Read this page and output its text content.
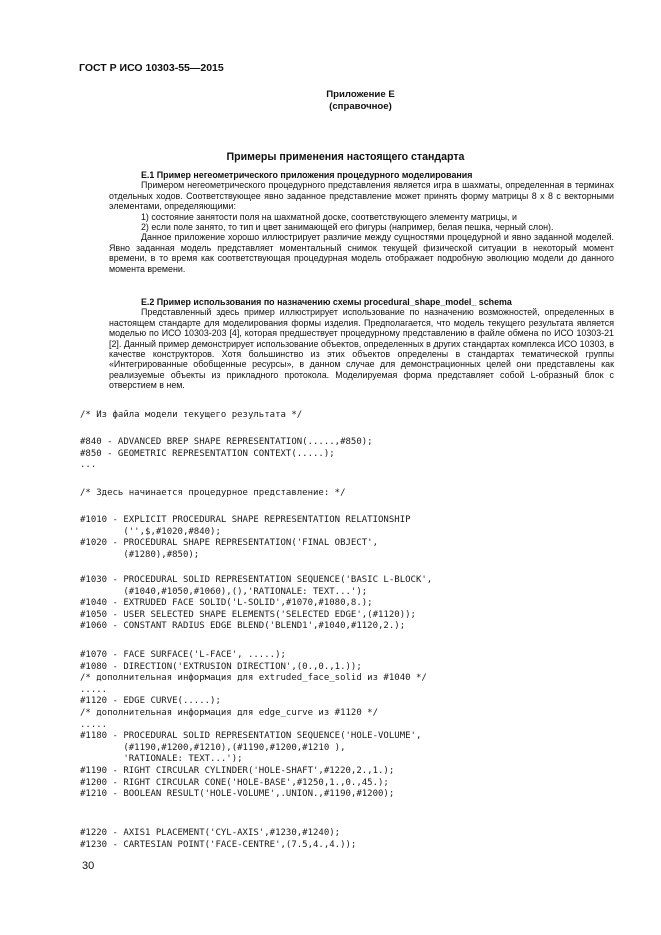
ГОСТ Р ИСО 10303-55—2015
Приложение Е
(справочное)
Примеры применения настоящего стандарта

Е.1 Пример негеометрического приложения процедурного моделирования

Примером негеометрического процедурного представления является игра в шахматы, определенная в терминах отдельных ходов. Соответствующее явно заданное представление может принять форму матрицы 8 х 8 с векторными элементами, определяющими:

1) состояние занятости поля на шахматной доске, соответствующего элементу матрицы, и

2) если поле занято, то тип и цвет занимающей его фигуры (например, белая пешка, черный слон).

Данное приложение хорошо иллюстрирует различие между сущностями процедурной и явно заданной моделей. Явно заданная модель представляет моментальный снимок текущей физической ситуации в некоторый момент времени, в то время как соответствующая процедурная модель отображает подробную эволюцию модели до данного момента времени.

Е.2 Пример использования по назначению схемы procedural_shape_model_ schema

Представленный здесь пример иллюстрирует использование по назначению возможностей, определенных в настоящем стандарте для моделирования формы изделия. Предполагается, что модель текущего результата является моделью по ИСО 10303-203 [4], которая предшествует процедурному представлению в файле обмена по ИСО 10303-21 [2]. Данный пример демонстрирует использование объектов, определенных в других стандартах комплекса ИСО 10303, в качестве конструкторов. Хотя большинство из этих объектов определены в стандартах тематической группы «Интегрированные обобщенные ресурсы», в данном случае для демонстрационных целей они представлены как реализуемые объекты из прикладного протокола. Моделируемая форма представляет собой L-образный блок с отверстием в нем.

/* Из файла модели текущего результата */
#840 - ADVANCED BREP SHAPE REPRESENTATION(.....,#850);
#850 - GEOMETRIC REPRESENTATION CONTEXT(.....);
...
/* Здесь начинается процедурное представление: */
#1010 - EXPLICIT PROCEDURAL SHAPE REPRESENTATION RELATIONSHIP
('',$,#1020,#840);
#1020 - PROCEDURAL SHAPE REPRESENTATION('FINAL OBJECT',
(#1280),#850);
#1030 - PROCEDURAL SOLID REPRESENTATION SEQUENCE('BASIC L-BLOCK',
(#1040,#1050,#1060),(),'RATIONALE: TEXT...');
#1040 - EXTRUDED FACE SOLID('L-SOLID',#1070,#1080,8.);
#1050 - USER SELECTED SHAPE ELEMENTS('SELECTED EDGE',(#1120));
#1060 - CONSTANT RADIUS EDGE BLEND('BLEND1',#1040,#1120,2.);
#1070 - FACE SURFACE('L-FACE', .....);
#1080 - DIRECTION('EXTRUSION DIRECTION',(0.,0.,1.));
/* дополнительная информация для extruded_face_solid из #1040 */
.....
#1120 - EDGE CURVE(.....);
/* дополнительная информация для edge_curve из #1120 */
.....
#1180 - PROCEDURAL SOLID REPRESENTATION SEQUENCE('HOLE-VOLUME',
(#1190,#1200,#1210),(#1190,#1200,#1210 ),
'RATIONALE: TEXT...');
#1190 - RIGHT CIRCULAR CYLINDER('HOLE-SHAFT',#1220,2.,1.);
#1200 - RIGHT CIRCULAR CONE('HOLE-BASE',#1250,1.,0.,45.);
#1210 - BOOLEAN RESULT('HOLE-VOLUME',.UNION.,#1190,#1200);
#1220 - AXIS1 PLACEMENT('CYL-AXIS',#1230,#1240);
#1230 - CARTESIAN POINT('FACE-CENTRE',(7.5,4.,4.));
30
